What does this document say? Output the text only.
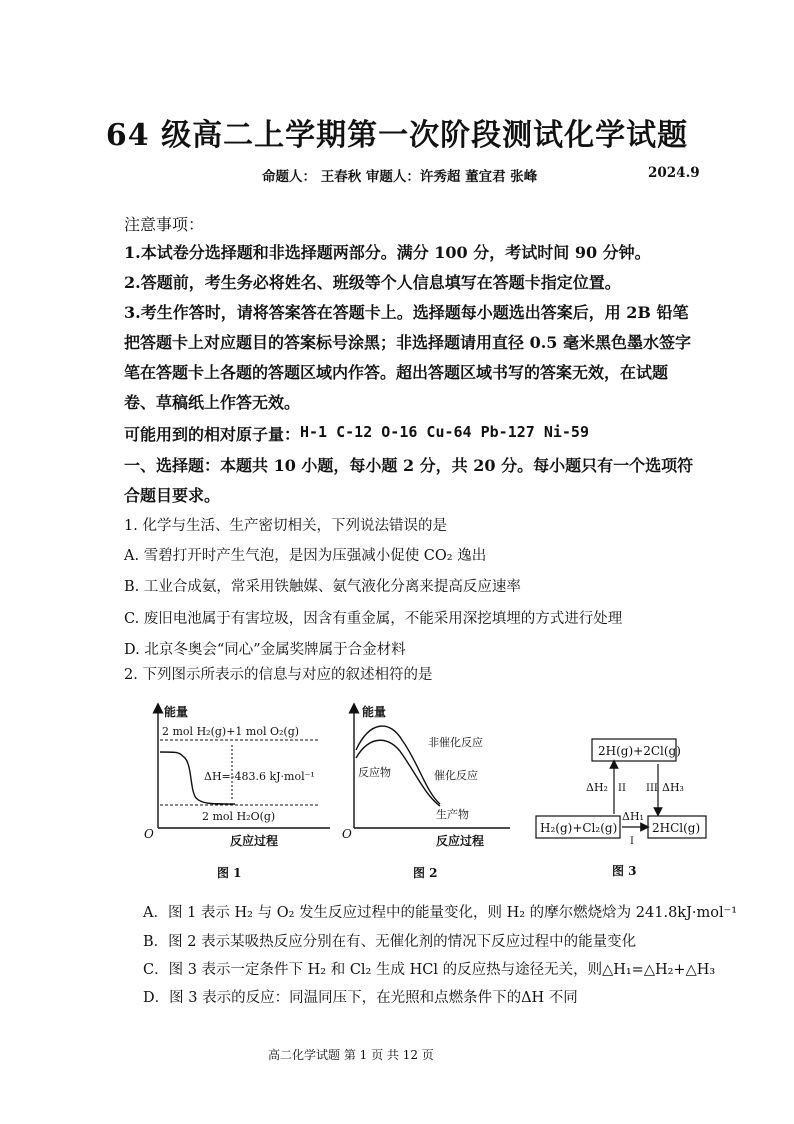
64 级高二上学期第一次阶段测试化学试题
命题人： 王春秋 审题人：许秀超 董宜君 张峰	2024.9
注意事项：
1.本试卷分选择题和非选择题两部分。满分 100 分，考试时间 90 分钟。
2.答题前，考生务必将姓名、班级等个人信息填写在答题卡指定位置。
3.考生作答时，请将答案答在答题卡上。选择题每小题选出答案后，用 2B 铅笔
把答题卡上对应题目的答案标号涂黑；非选择题请用直径 0.5 毫米黑色墨水签字
笔在答题卡上各题的答题区域内作答。超出答题区域书写的答案无效，在试题
卷、草稿纸上作答无效。
可能用到的相对原子量： H-1 C-12 O-16 Cu-64 Pb-127 Ni-59
一、选择题：本题共 10 小题，每小题 2 分，共 20 分。每小题只有一个选项符
合题目要求。
1. 化学与生活、生产密切相关，下列说法错误的是
A. 雪碧打开时产生气泡，是因为压强减小促使 CO₂ 逸出
B. 工业合成氨，常采用铁触媒、氨气液化分离来提高反应速率
C. 废旧电池属于有害垃圾，因含有重金属，不能采用深挖填埋的方式进行处理
D. 北京冬奥会“同心”金属奖牌属于合金材料
2. 下列图示所表示的信息与对应的叙述相符的是
能量
2 mol H₂(g)+1 mol O₂(g)
ΔH=-483.6 kJ·mol⁻¹
2 mol H₂O(g)
O	反应过程
图 1
能量
非催化反应
催化反应
反应物
生产物
O	反应过程
图 2
2H(g)+2Cl(g)
H₂(g)+Cl₂(g)	2HCl(g)
ΔH₂ II III ΔH₃
ΔH₁
I
图 3
A．图 1 表示 H₂ 与 O₂ 发生反应过程中的能量变化，则 H₂ 的摩尔燃烧焓为 241.8kJ·mol⁻¹
B．图 2 表示某吸热反应分别在有、无催化剂的情况下反应过程中的能量变化
C．图 3 表示一定条件下 H₂ 和 Cl₂ 生成 HCl 的反应热与途径无关，则△H₁=△H₂+△H₃
D．图 3 表示的反应：同温同压下，在光照和点燃条件下的ΔH 不同
高二化学试题 第 1 页 共 12 页
